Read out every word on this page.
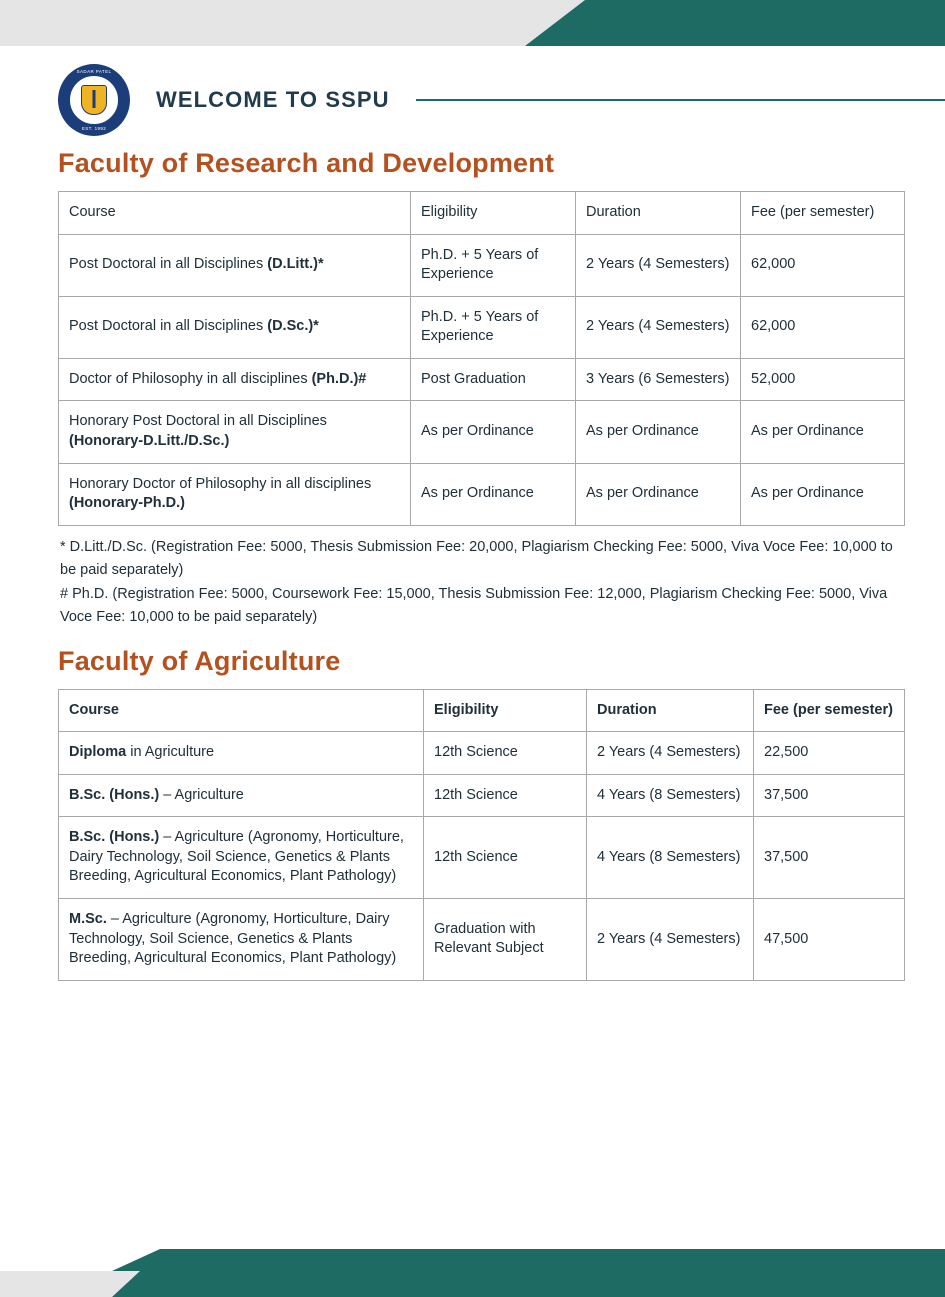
SADAR PATEL
EST. 1992
WELCOME TO SSPU
Faculty of Research and Development
Course	Eligibility	Duration	Fee (per semester)
Post Doctoral in all Disciplines (D.Litt.)*	Ph.D. + 5 Years of Experience	2 Years (4 Semesters)	62,000
Post Doctoral in all Disciplines (D.Sc.)*	Ph.D. + 5 Years of Experience	2 Years (4 Semesters)	62,000
Doctor of Philosophy in all disciplines (Ph.D.)#	Post Graduation	3 Years (6 Semesters)	52,000
Honorary Post Doctoral in all Disciplines (Honorary-D.Litt./D.Sc.)	As per Ordinance	As per Ordinance	As per Ordinance
Honorary Doctor of Philosophy in all disciplines (Honorary-Ph.D.)	As per Ordinance	As per Ordinance	As per Ordinance

* D.Litt./D.Sc. (Registration Fee: 5000, Thesis Submission Fee: 20,000, Plagiarism Checking Fee: 5000, Viva Voce Fee: 10,000 to be paid separately)

# Ph.D. (Registration Fee: 5000, Coursework Fee: 15,000, Thesis Submission Fee: 12,000, Plagiarism Checking Fee: 5000, Viva Voce Fee: 10,000 to be paid separately)

Faculty of Agriculture
Course	Eligibility	Duration	Fee (per semester)
Diploma in Agriculture	12th Science	2 Years (4 Semesters)	22,500
B.Sc. (Hons.) – Agriculture	12th Science	4 Years (8 Semesters)	37,500
B.Sc. (Hons.) – Agriculture (Agronomy, Horticulture, Dairy Technology, Soil Science, Genetics & Plants Breeding, Agricultural Economics, Plant Pathology)	12th Science	4 Years (8 Semesters)	37,500
M.Sc. – Agriculture (Agronomy, Horticulture, Dairy Technology, Soil Science, Genetics & Plants Breeding, Agricultural Economics, Plant Pathology)	Graduation with Relevant Subject	2 Years (4 Semesters)	47,500
